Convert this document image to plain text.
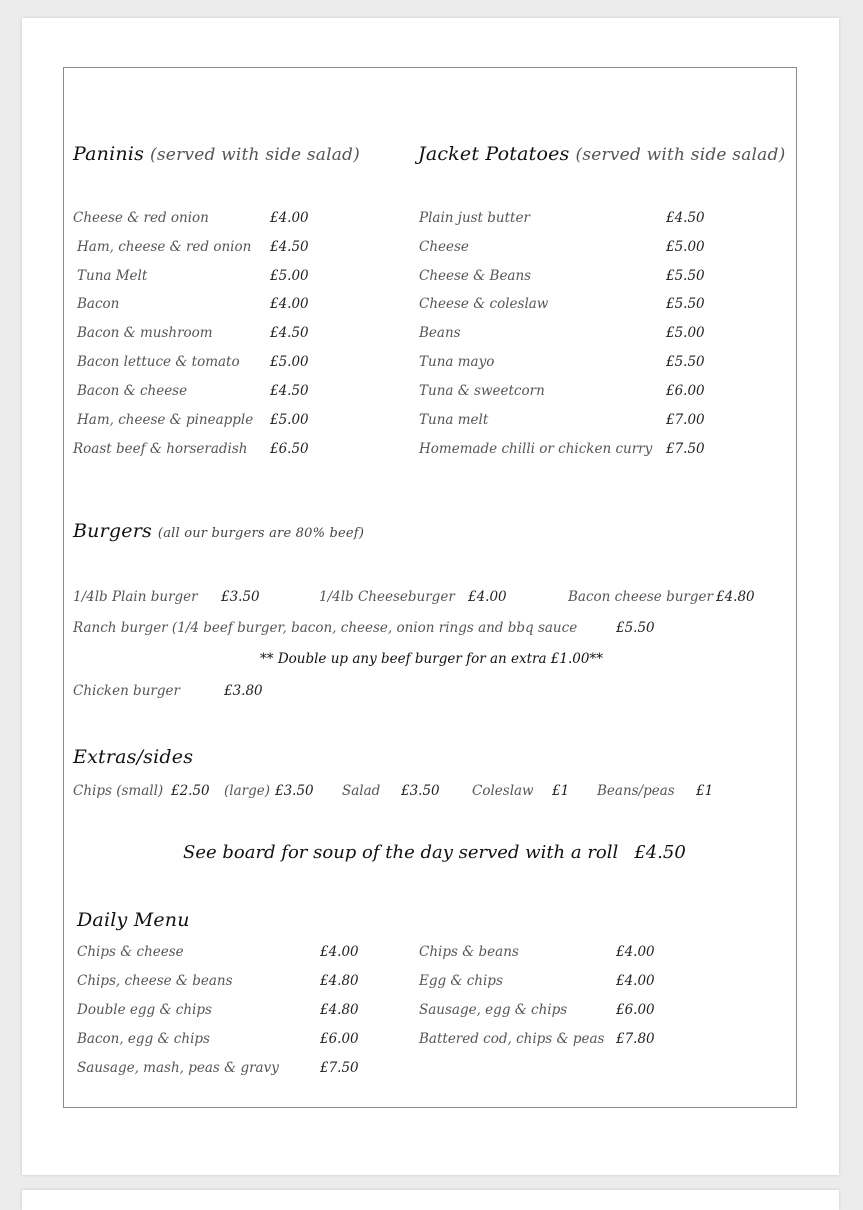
Paninis (served with side salad)	Jacket Potatoes (served with side salad)
Cheese & red onion	£4.00
Ham, cheese & red onion £4.50
Tuna Melt	£5.00
Bacon	£4.00
Bacon & mushroom	£4.50
Bacon lettuce & tomato £5.00
Bacon & cheese	£4.50
Ham, cheese & pineapple £5.00
Roast beef & horseradish £6.50
Plain just butter	£4.50
Cheese	£5.00
Cheese & Beans	£5.50
Cheese & coleslaw	£5.50
Beans	£5.00
Tuna mayo	£5.50
Tuna & sweetcorn	£6.00
Tuna melt	£7.00
Homemade chilli or chicken curry £7.50
Burgers (all our burgers are 80% beef)
1/4lb Plain burger £3.50	1/4lb Cheeseburger £4.00	Bacon cheese burger £4.80
Ranch burger (1/4 beef burger, bacon, cheese, onion rings and bbq sauce	£5.50
** Double up any beef burger for an extra £1.00**
Chicken burger	£3.80
Extras/sides
Chips (small) £2.50 (large) £3.50 Salad £3.50 Coleslaw £1 Beans/peas £1
See board for soup of the day served with a roll £4.50
Daily Menu
Chips & cheese	£4.00
Chips, cheese & beans	£4.80
Double egg & chips	£4.80
Bacon, egg & chips	£6.00
Sausage, mash, peas & gravy	£7.50
Chips & beans	£4.00
Egg & chips	£4.00
Sausage, egg & chips	£6.00
Battered cod, chips & peas £7.80
